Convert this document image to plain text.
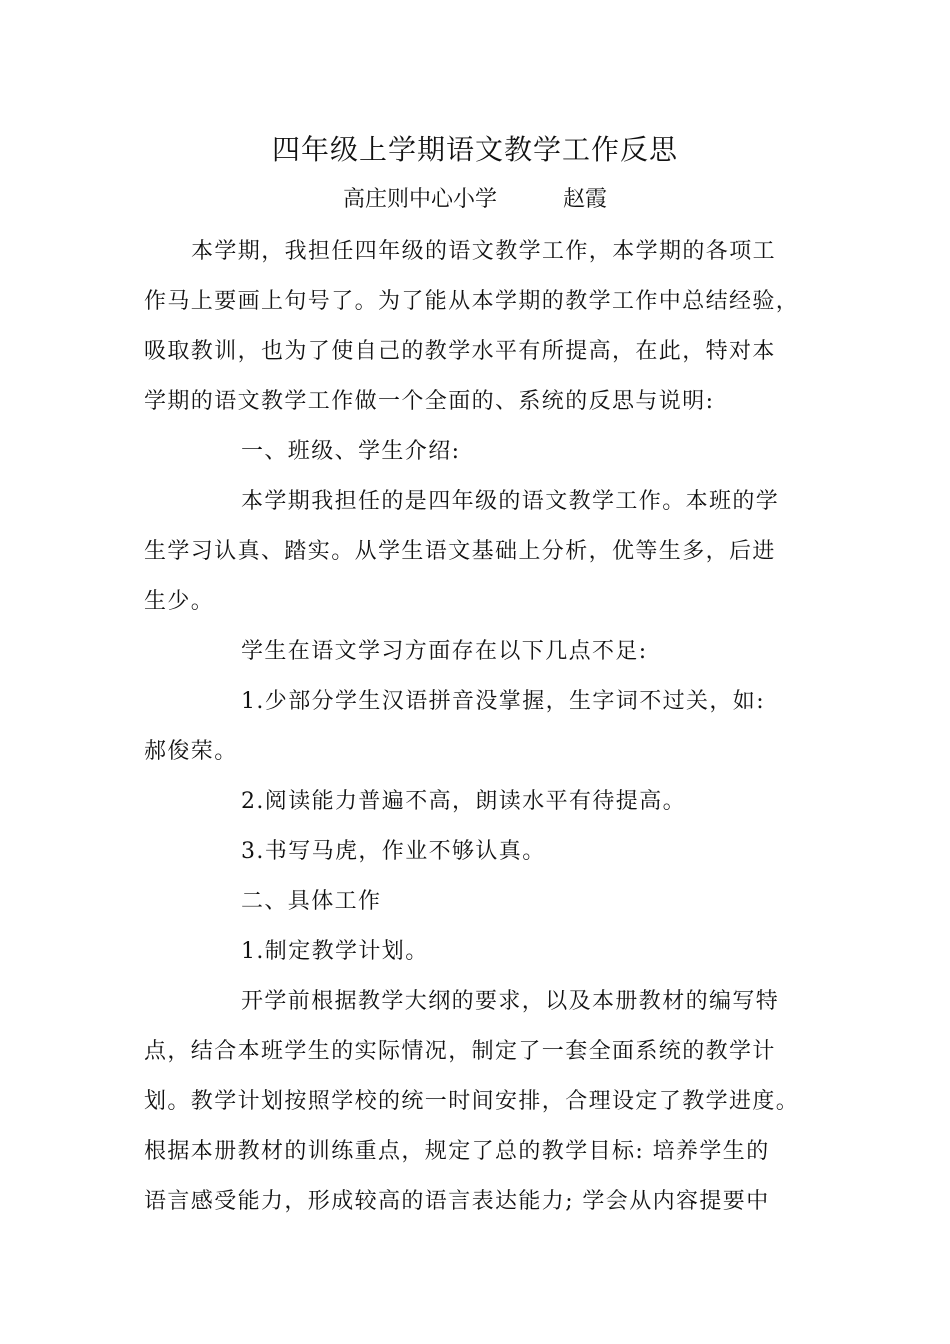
四年级上学期语文教学工作反思
高庄则中心小学　　　赵霞
本学期，我担任四年级的语文教学工作，本学期的各项工
作马上要画上句号了。为了能从本学期的教学工作中总结经验，
吸取教训，也为了使自己的教学水平有所提高，在此，特对本
学期的语文教学工作做一个全面的、系统的反思与说明:
一、班级、学生介绍:
本学期我担任的是四年级的语文教学工作。本班的学
生学习认真、踏实。从学生语文基础上分析，优等生多，后进
生少。
学生在语文学习方面存在以下几点不足:
1.少部分学生汉语拼音没掌握，生字词不过关，如:
郝俊荣。
2.阅读能力普遍不高，朗读水平有待提高。
3.书写马虎，作业不够认真。
二、具体工作
1.制定教学计划。
开学前根据教学大纲的要求，以及本册教材的编写特
点，结合本班学生的实际情况，制定了一套全面系统的教学计
划。教学计划按照学校的统一时间安排，合理设定了教学进度。
根据本册教材的训练重点，规定了总的教学目标: 培养学生的
语言感受能力，形成较高的语言表达能力; 学会从内容提要中
